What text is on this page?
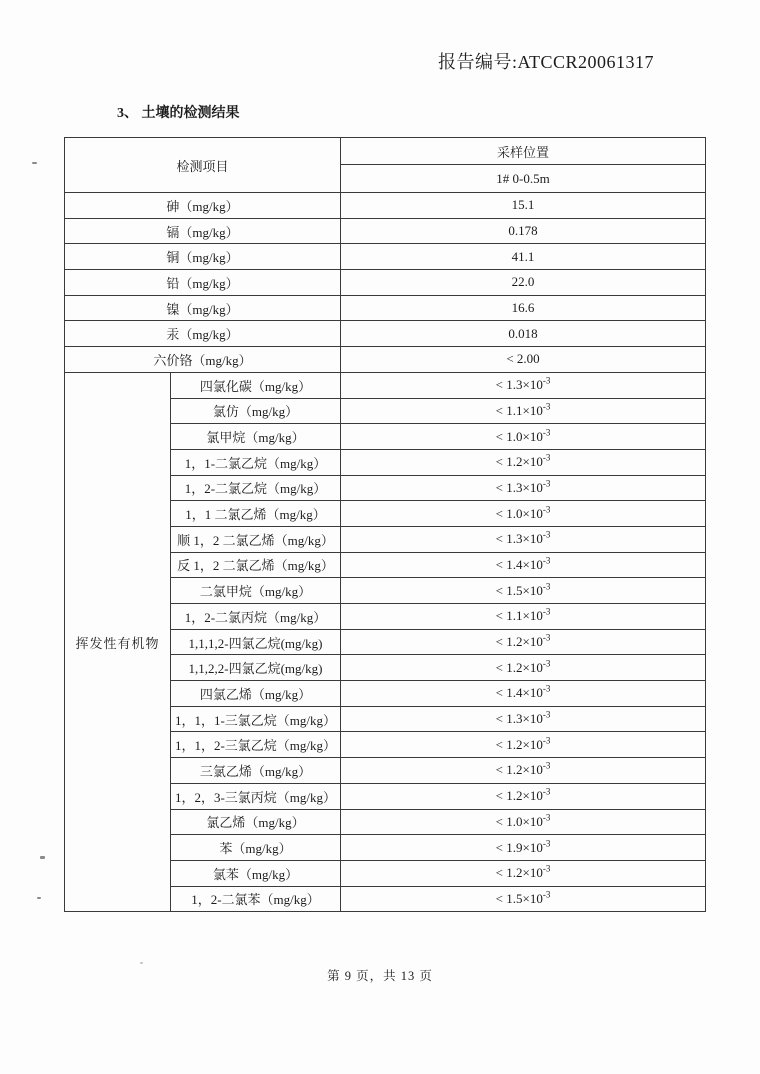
报告编号:ATCCR20061317
3、 土壤的检测结果
检测项目		采样位置
		1# 0-0.5m
砷（mg/kg）		15.1
镉（mg/kg）		0.178
铜（mg/kg）		41.1
铅（mg/kg）		22.0
镍（mg/kg）		16.6
汞（mg/kg）		0.018
六价铬（mg/kg）		< 2.00
挥发性有机物	四氯化碳（mg/kg）	< $1.3\times 10^{-3}$
	氯仿（mg/kg）	< $1.1\times 10^{-3}$
	氯甲烷（mg/kg）	< $1.0\times 10^{-3}$
	1，1-二氯乙烷（mg/kg）	< $1.2\times 10^{-3}$
	1，2-二氯乙烷（mg/kg）	< $1.3\times 10^{-3}$
	1，1 二氯乙烯（mg/kg）	< $1.0\times 10^{-3}$
	顺 1，2 二氯乙烯（mg/kg）	< $1.3\times 10^{-3}$
	反 1，2 二氯乙烯（mg/kg）	< $1.4\times 10^{-3}$
	二氯甲烷（mg/kg）	< $1.5\times 10^{-3}$
	1，2-二氯丙烷（mg/kg）	< $1.1\times 10^{-3}$
	1,1,1,2-四氯乙烷(mg/kg)	< $1.2\times 10^{-3}$
	1,1,2,2-四氯乙烷(mg/kg)	< $1.2\times 10^{-3}$
	四氯乙烯（mg/kg）	< $1.4\times 10^{-3}$
	1，1，1-三氯乙烷（mg/kg）	< $1.3\times 10^{-3}$
	1，1，2-三氯乙烷（mg/kg）	< $1.2\times 10^{-3}$
	三氯乙烯（mg/kg）	< $1.2\times 10^{-3}$
	1，2，3-三氯丙烷（mg/kg）	< $1.2\times 10^{-3}$
	氯乙烯（mg/kg）	< $1.0\times 10^{-3}$
	苯（mg/kg）	< $1.9\times 10^{-3}$
	氯苯（mg/kg）	< $1.2\times 10^{-3}$
	1，2-二氯苯（mg/kg）	< $1.5\times 10^{-3}$
第 9 页，共 13 页
